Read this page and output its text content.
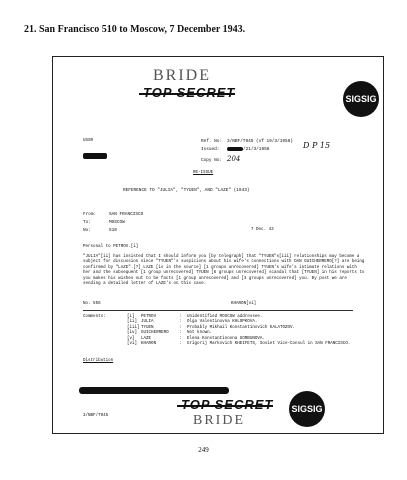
21. San Francisco 510 to Moscow, 7 December 1943.
BRIDE
SIGSIG
USSR	Ref. No: 3/NBF/T945 (of 19/3/1958)
Issued:	/21/3/1958
Copy No: 204
D P 15
RE-ISSUE
REFERENCE TO "JULIA", "TYUEN", AND "LAZE" (1943)
From:	SAN FRANCISCO
To:	MOSCOW
No:	510	7 Dec. 43
Personal to PETROV.[i]
"JULIA"[ii] has insisted that I should inform you [by telegraph] that "TYUEN"s[iii] relationships may become a subject for discussion since "TYUEN"'s suspicions about his wife's connections with DAN GUICHERRERO[?] are being confirmed by "LAZE".[?] LAZE [is in the source] [1 groups unrecovered] TYUEN's wife's intimate relations with her and the subsequent [1 group unrecovered] TYUEN [6 groups unrecovered] scandal that [TYUEN] in his reports to you makes his wishes out to be facts [1 group unrecovered] and [3 groups unrecovered] you. By post we are sending a detailed letter of LAZE's on this case.
No. 556	KHARON[vi]
Comments:	[i]	PETROV	:	Unidentified MOSCOW addressee.
[ii] JULIA	:	Olga Valentinovna KHLOPKOVA.
[iii] TYUEN	:	Probably Mikhail Konstantinovich KALATOZOV.
[iv] GUICHERRERO	:	Not known.
[v]	LAZE	:	Elena Konstantinovna GORBUNOVA.
[vi] KHARON	:	Grigorij Markovich KHEIFETS, Soviet Vice-Consul in SAN FRANCISCO.
Distribution
3/NBF/T945
SIGSIG
BRIDE
249
